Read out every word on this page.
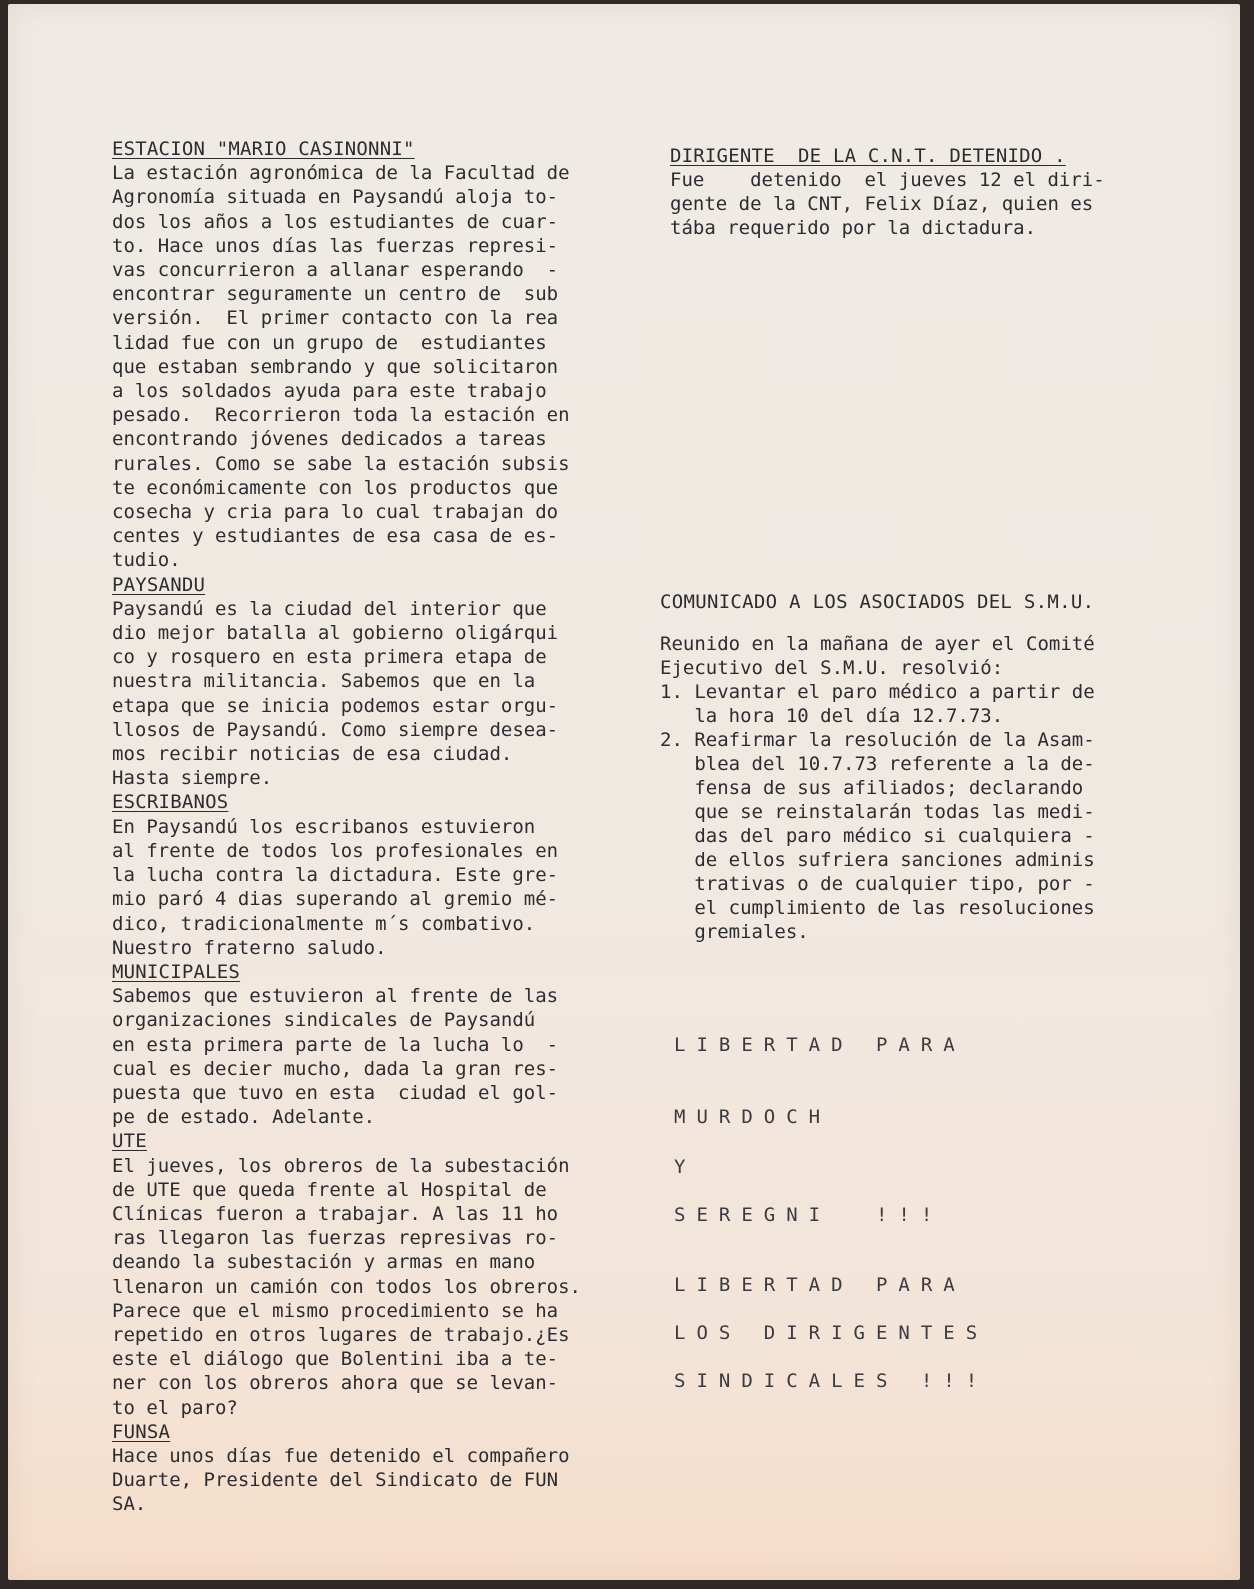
ESTACION "MARIO CASINONNI"
La estación agronómica de la Facultad de
Agronomía situada en Paysandú aloja to-
dos los años a los estudiantes de cuar-
to. Hace unos días las fuerzas represi-
vas concurrieron a allanar esperando  -
encontrar seguramente un centro de  sub
versión.  El primer contacto con la rea
lidad fue con un grupo de  estudiantes
que estaban sembrando y que solicitaron
a los soldados ayuda para este trabajo
pesado.  Recorrieron toda la estación en
encontrando jóvenes dedicados a tareas
rurales. Como se sabe la estación subsis
te económicamente con los productos que
cosecha y cria para lo cual trabajan do
centes y estudiantes de esa casa de es-
tudio.
PAYSANDU
Paysandú es la ciudad del interior que
dio mejor batalla al gobierno oligárqui
co y rosquero en esta primera etapa de
nuestra militancia. Sabemos que en la
etapa que se inicia podemos estar orgu-
llosos de Paysandú. Como siempre desea-
mos recibir noticias de esa ciudad.
Hasta siempre.
ESCRIBANOS
En Paysandú los escribanos estuvieron
al frente de todos los profesionales en
la lucha contra la dictadura. Este gre-
mio paró 4 dias superando al gremio mé-
dico, tradicionalmente m´s combativo.
Nuestro fraterno saludo.
MUNICIPALES
Sabemos que estuvieron al frente de las
organizaciones sindicales de Paysandú
en esta primera parte de la lucha lo  -
cual es decier mucho, dada la gran res-
puesta que tuvo en esta  ciudad el gol-
pe de estado. Adelante.
UTE
El jueves, los obreros de la subestación
de UTE que queda frente al Hospital de
Clínicas fueron a trabajar. A las 11 ho
ras llegaron las fuerzas represivas ro-
deando la subestación y armas en mano
llenaron un camión con todos los obreros.
Parece que el mismo procedimiento se ha
repetido en otros lugares de trabajo.¿Es
este el diálogo que Bolentini iba a te-
ner con los obreros ahora que se levan-
to el paro?
FUNSA
Hace unos días fue detenido el compañero
Duarte, Presidente del Sindicato de FUN
SA.
DIRIGENTE  DE LA C.N.T. DETENIDO .
Fue    detenido  el jueves 12 el diri-
gente de la CNT, Felix Díaz, quien es
tába requerido por la dictadura.
COMUNICADO A LOS ASOCIADOS DEL S.M.U.
Reunido en la mañana de ayer el Comité
Ejecutivo del S.M.U. resolvió:
1. Levantar el paro médico a partir de
la hora 10 del día 12.7.73.
2. Reafirmar la resolución de la Asam-
blea del 10.7.73 referente a la de-
fensa de sus afiliados; declarando
que se reinstalarán todas las medi-
das del paro médico si cualquiera -
de ellos sufriera sanciones adminis
trativas o de cualquier tipo, por -
el cumplimiento de las resoluciones
gremiales.
LIBERTAD PARA
MURDOCH
Y
SEREGNI  !!!
LIBERTAD PARA
LOS DIRIGENTES
SINDICALES !!!
